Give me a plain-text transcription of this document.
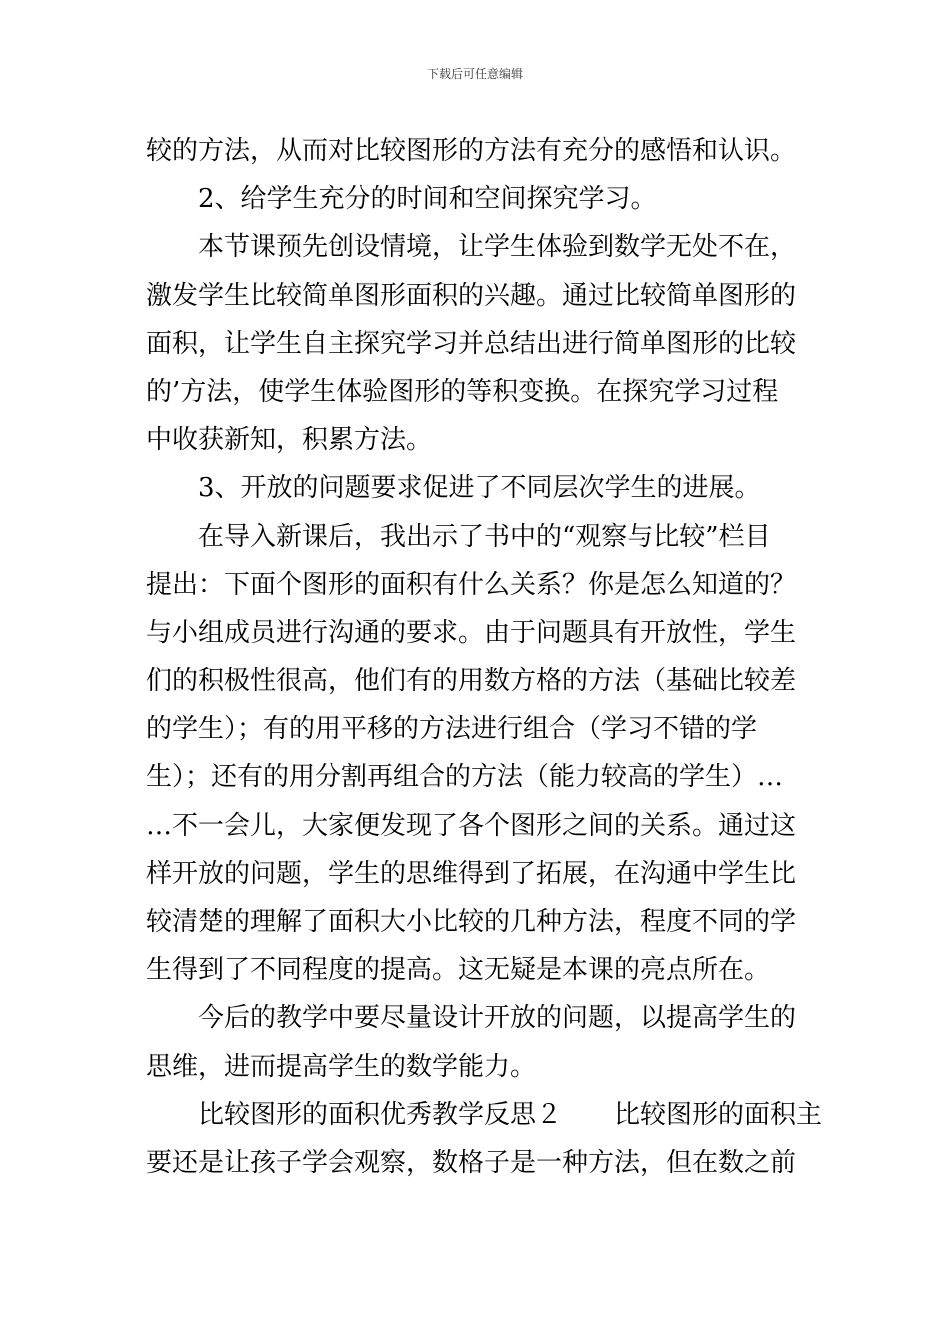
下载后可任意编辑
较的方法，从而对比较图形的方法有充分的感悟和认识。
2、给学生充分的时间和空间探究学习。
本节课预先创设情境，让学生体验到数学无处不在，
激发学生比较简单图形面积的兴趣。通过比较简单图形的
面积，让学生自主探究学习并总结出进行简单图形的比较
的’方法，使学生体验图形的等积变换。在探究学习过程
中收获新知，积累方法。
3、开放的问题要求促进了不同层次学生的进展。
在导入新课后，我出示了书中的“观察与比较”栏目
提出：下面个图形的面积有什么关系？你是怎么知道的？
与小组成员进行沟通的要求。由于问题具有开放性，学生
们的积极性很高，他们有的用数方格的方法（基础比较差
的学生）；有的用平移的方法进行组合（学习不错的学
生）；还有的用分割再组合的方法（能力较高的学生）…
…不一会儿，大家便发现了各个图形之间的关系。通过这
样开放的问题，学生的思维得到了拓展，在沟通中学生比
较清楚的理解了面积大小比较的几种方法，程度不同的学
生得到了不同程度的提高。这无疑是本课的亮点所在。
今后的教学中要尽量设计开放的问题，以提高学生的
思维，进而提高学生的数学能力。
比较图形的面积优秀教学反思２　　比较图形的面积主
要还是让孩子学会观察，数格子是一种方法，但在数之前
